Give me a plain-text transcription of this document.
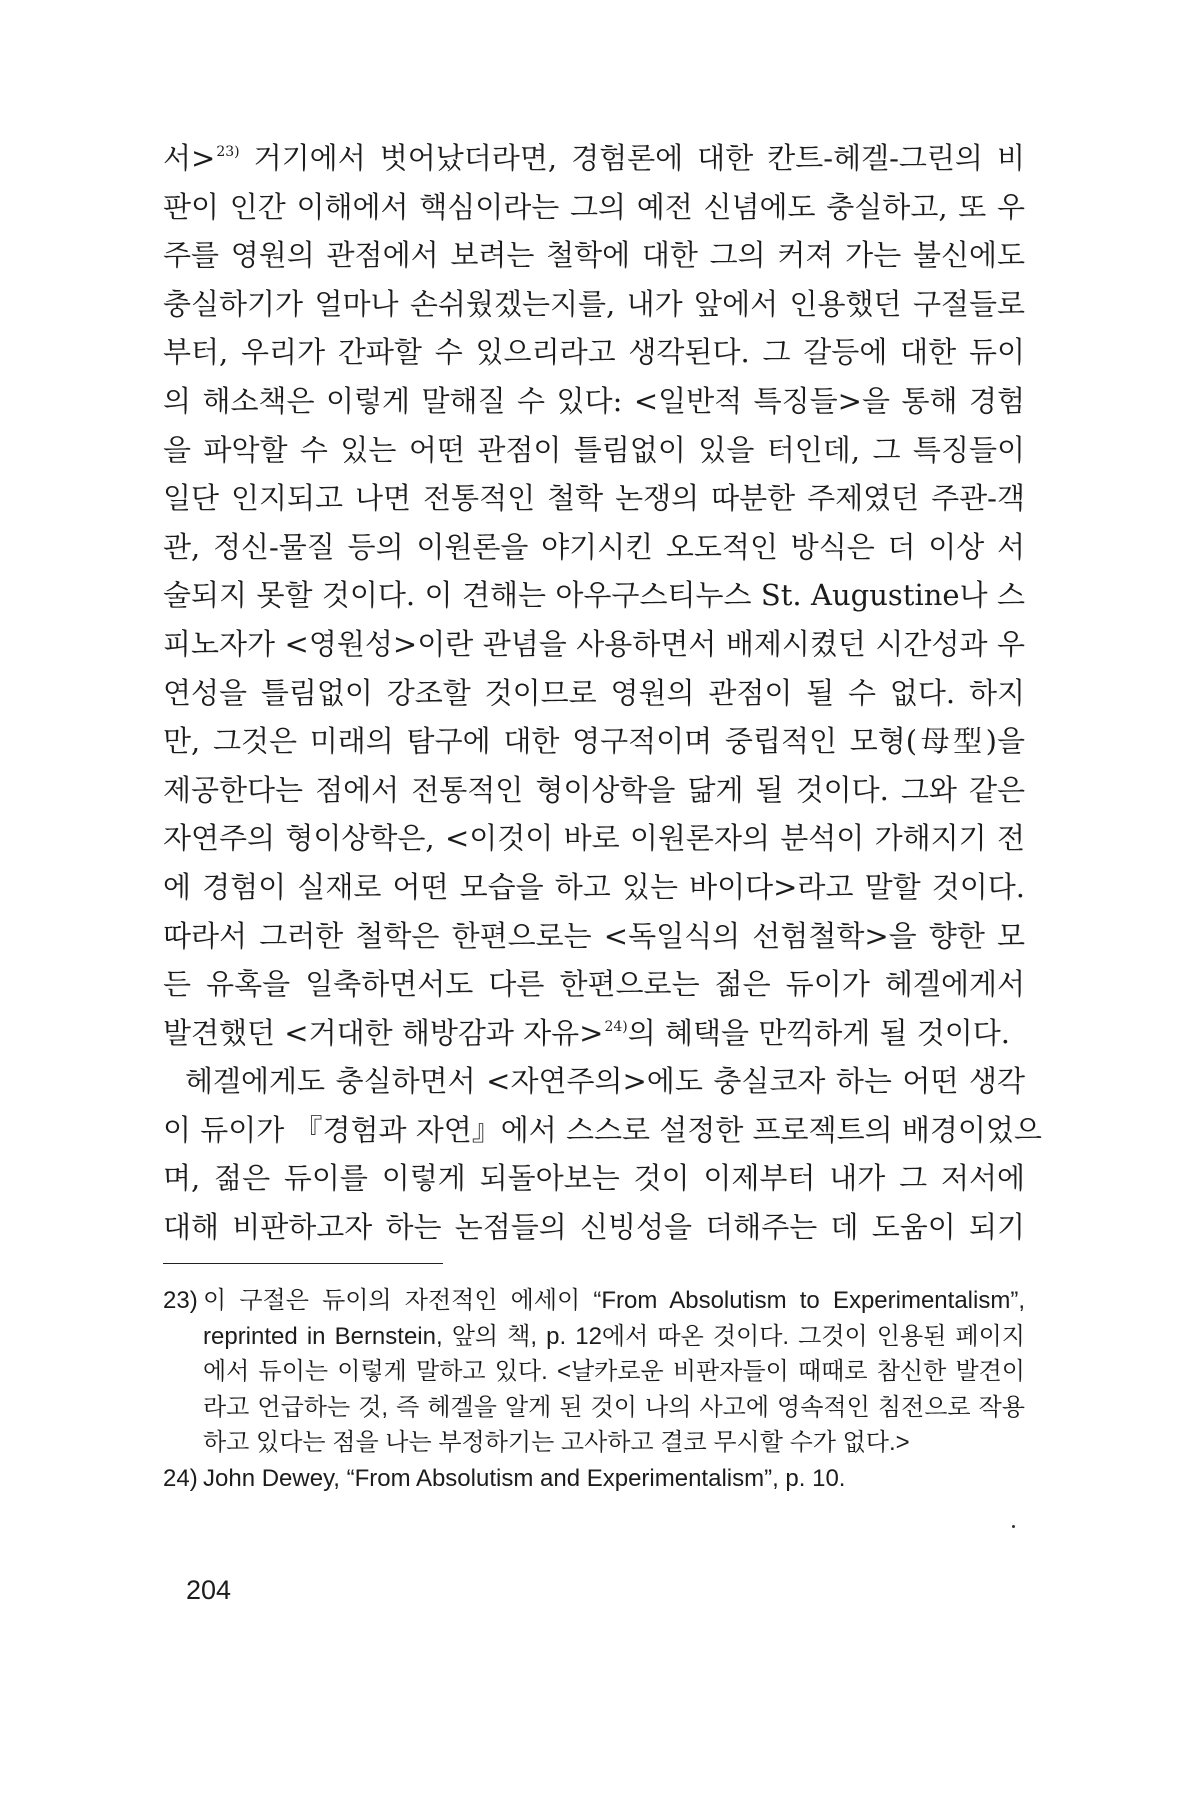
서>$^{23)}$ 거기에서 벗어났더라면, 경험론에 대한 칸트-헤겔-그린의 비
판이 인간 이해에서 핵심이라는 그의 예전 신념에도 충실하고, 또 우
주를 영원의 관점에서 보려는 철학에 대한 그의 커져 가는 불신에도
충실하기가 얼마나 손쉬웠겠는지를, 내가 앞에서 인용했던 구절들로
부터, 우리가 간파할 수 있으리라고 생각된다. 그 갈등에 대한 듀이
의 해소책은 이렇게 말해질 수 있다: <일반적 특징들>을 통해 경험
을 파악할 수 있는 어떤 관점이 틀림없이 있을 터인데, 그 특징들이
일단 인지되고 나면 전통적인 철학 논쟁의 따분한 주제였던 주관-객
관, 정신-물질 등의 이원론을 야기시킨 오도적인 방식은 더 이상 서
술되지 못할 것이다. 이 견해는 아우구스티누스 St. Augustine나 스
피노자가 <영원성>이란 관념을 사용하면서 배제시켰던 시간성과 우
연성을 틀림없이 강조할 것이므로 영원의 관점이 될 수 없다. 하지
만, 그것은 미래의 탐구에 대한 영구적이며 중립적인 모형(母型)을
제공한다는 점에서 전통적인 형이상학을 닮게 될 것이다. 그와 같은
자연주의 형이상학은, <이것이 바로 이원론자의 분석이 가해지기 전
에 경험이 실재로 어떤 모습을 하고 있는 바이다>라고 말할 것이다.
따라서 그러한 철학은 한편으로는 <독일식의 선험철학>을 향한 모
든 유혹을 일축하면서도 다른 한편으로는 젊은 듀이가 헤겔에게서
발견했던 <거대한 해방감과 자유>$^{24)}$의 혜택을 만끽하게 될 것이다.
헤겔에게도 충실하면서 <자연주의>에도 충실코자 하는 어떤 생각
이 듀이가 『경험과 자연』에서 스스로 설정한 프로젝트의 배경이었으
며, 젊은 듀이를 이렇게 되돌아보는 것이 이제부터 내가 그 저서에
대해 비판하고자 하는 논점들의 신빙성을 더해주는 데 도움이 되기
23) 이 구절은 듀이의 자전적인 에세이 “From Absolutism to Experimentalism”,
reprinted in Bernstein, 앞의 책, p. 12에서 따온 것이다. 그것이 인용된 페이지
에서 듀이는 이렇게 말하고 있다. <날카로운 비판자들이 때때로 참신한 발견이
라고 언급하는 것, 즉 헤겔을 알게 된 것이 나의 사고에 영속적인 침전으로 작용
하고 있다는 점을 나는 부정하기는 고사하고 결코 무시할 수가 없다.>
24) John Dewey, “From Absolutism and Experimentalism”, p. 10.
204
